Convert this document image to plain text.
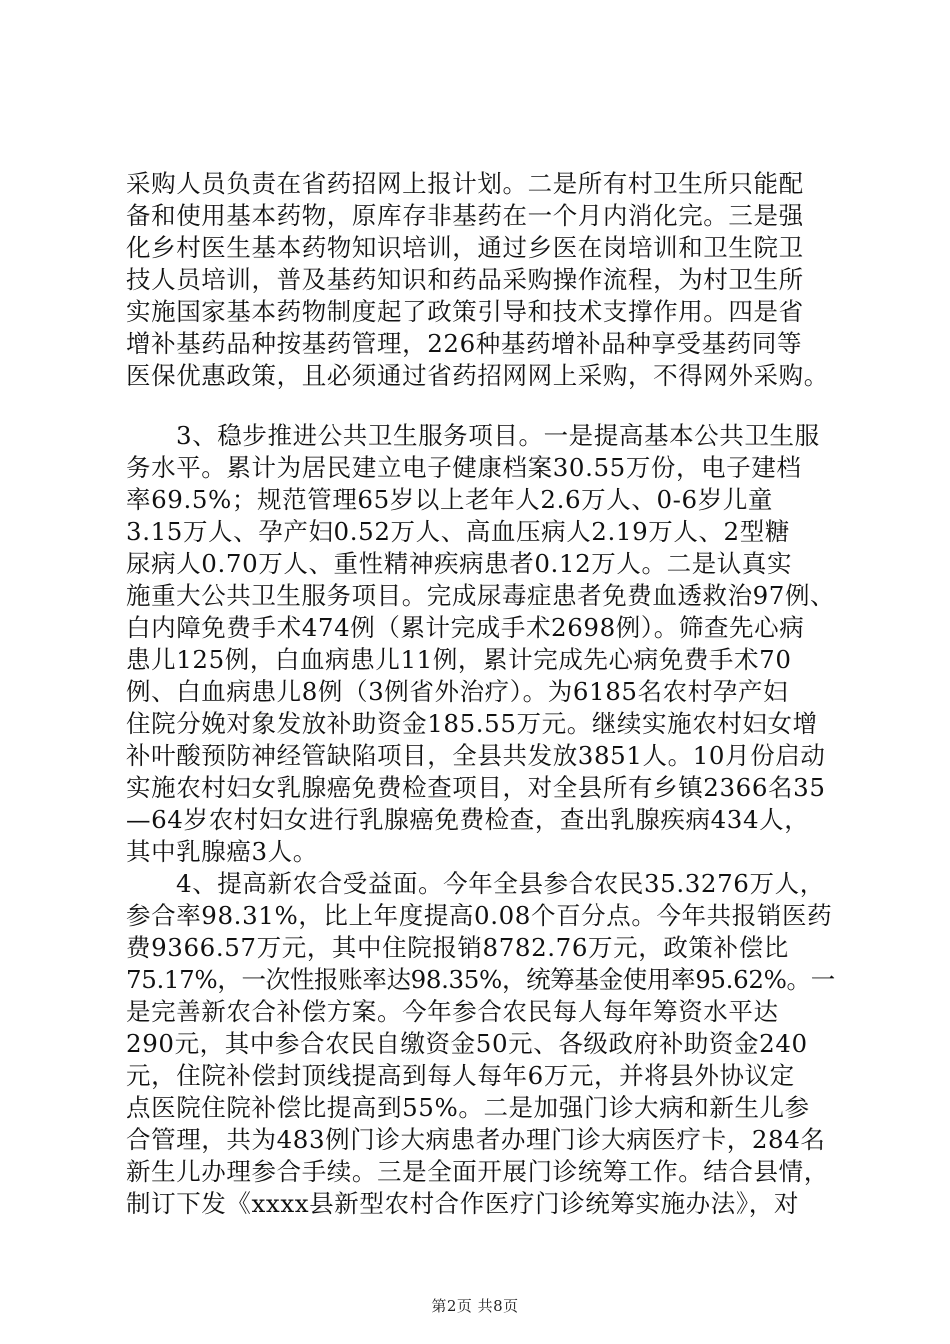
采购人员负责在省药招网上报计划。二是所有村卫生所只能配
备和使用基本药物，原库存非基药在一个月内消化完。三是强
化乡村医生基本药物知识培训，通过乡医在岗培训和卫生院卫
技人员培训，普及基药知识和药品采购操作流程，为村卫生所
实施国家基本药物制度起了政策引导和技术支撑作用。四是省
增补基药品种按基药管理，226种基药增补品种享受基药同等
医保优惠政策，且必须通过省药招网网上采购，不得网外采购。
3、稳步推进公共卫生服务项目。一是提高基本公共卫生服
务水平。累计为居民建立电子健康档案30.55万份，电子建档
率69.5%；规范管理65岁以上老年人2.6万人、0-6岁儿童
3.15万人、孕产妇0.52万人、高血压病人2.19万人、2型糖
尿病人0.70万人、重性精神疾病患者0.12万人。二是认真实
施重大公共卫生服务项目。完成尿毒症患者免费血透救治97例、
白内障免费手术474例（累计完成手术2698例）。筛查先心病
患儿125例，白血病患儿11例，累计完成先心病免费手术70
例、白血病患儿8例（3例省外治疗）。为6185名农村孕产妇
住院分娩对象发放补助资金185.55万元。继续实施农村妇女增
补叶酸预防神经管缺陷项目，全县共发放3851人。10月份启动
实施农村妇女乳腺癌免费检查项目，对全县所有乡镇2366名35
—64岁农村妇女进行乳腺癌免费检查，查出乳腺疾病434人，
其中乳腺癌3人。
4、提高新农合受益面。今年全县参合农民35.3276万人，
参合率98.31%，比上年度提高0.08个百分点。今年共报销医药
费9366.57万元，其中住院报销8782.76万元，政策补偿比
75.17%，一次性报账率达98.35%，统筹基金使用率95.62%。一
是完善新农合补偿方案。今年参合农民每人每年筹资水平达
290元，其中参合农民自缴资金50元、各级政府补助资金240
元，住院补偿封顶线提高到每人每年6万元，并将县外协议定
点医院住院补偿比提高到55%。二是加强门诊大病和新生儿参
合管理，共为483例门诊大病患者办理门诊大病医疗卡，284名
新生儿办理参合手续。三是全面开展门诊统筹工作。结合县情，
制订下发《xxxx县新型农村合作医疗门诊统筹实施办法》，对
第2页 共8页
